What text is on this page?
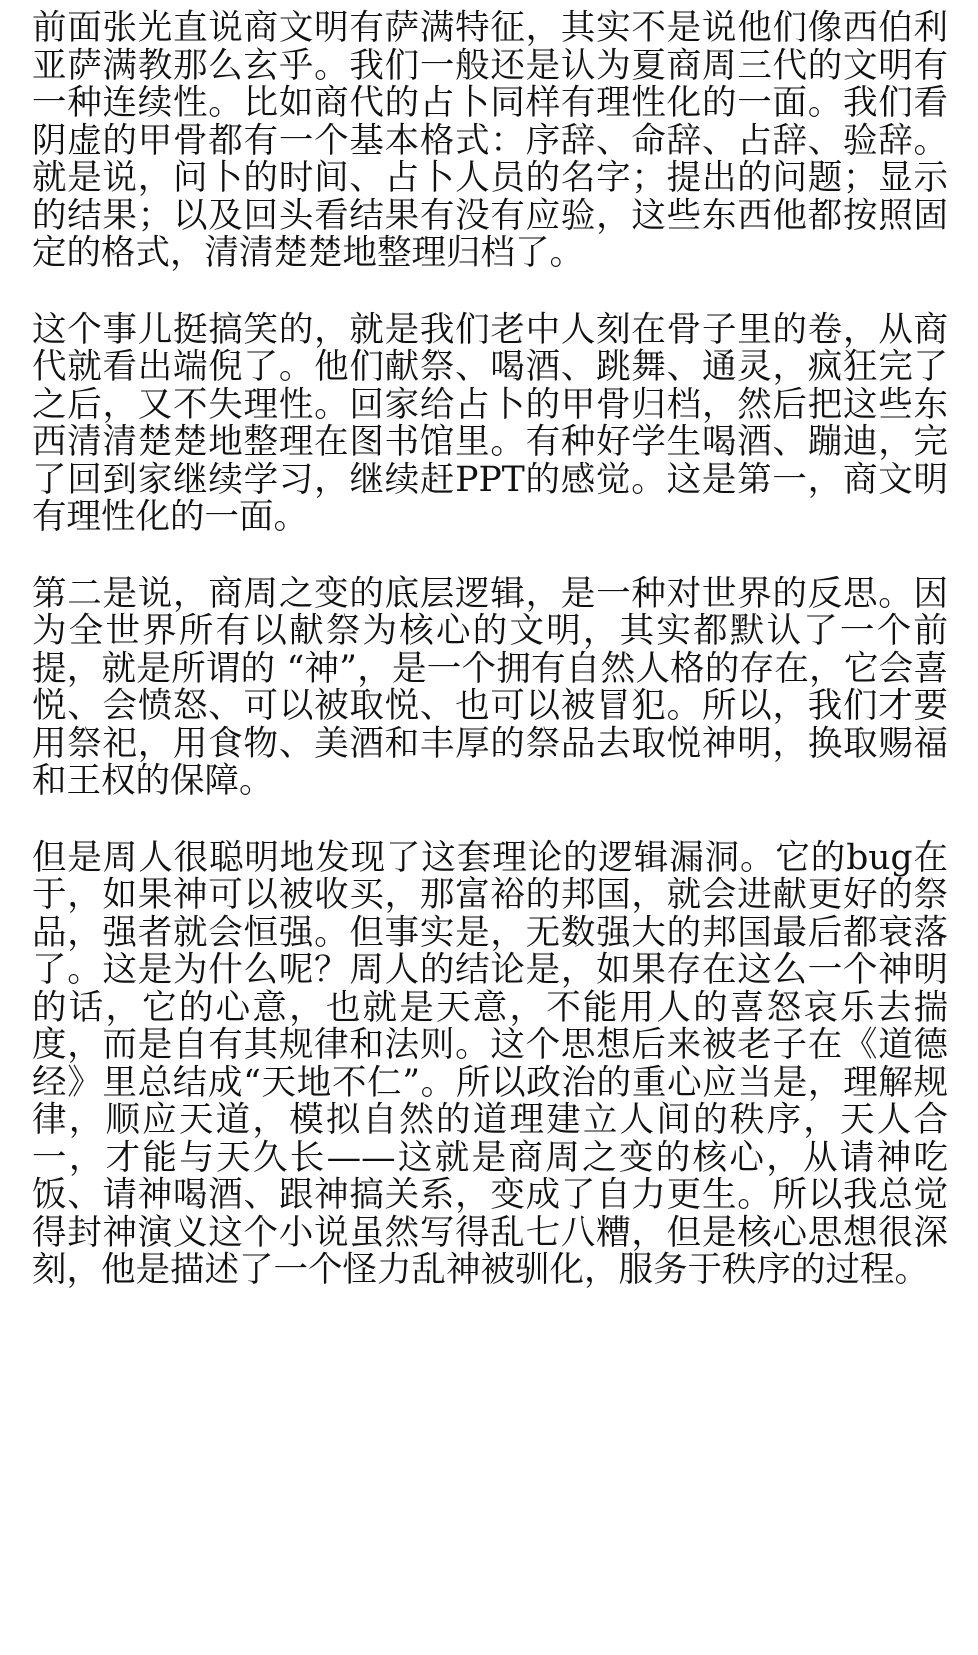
前面张光直说商文明有萨满特征，其实不是说他们像西伯利亚萨满教那么玄乎。我们一般还是认为夏商周三代的文明有一种连续性。比如商代的占卜同样有理性化的一面。我们看阴虚的甲骨都有一个基本格式：序辞、命辞、占辞、验辞。就是说，问卜的时间、占卜人员的名字；提出的问题；显示的结果；以及回头看结果有没有应验，这些东西他都按照固定的格式，清清楚楚地整理归档了。

这个事儿挺搞笑的，就是我们老中人刻在骨子里的卷，从商代就看出端倪了。他们献祭、喝酒、跳舞、通灵，疯狂完了之后，又不失理性。回家给占卜的甲骨归档，然后把这些东西清清楚楚地整理在图书馆里。有种好学生喝酒、蹦迪，完了回到家继续学习，继续赶PPT的感觉。这是第一，商文明有理性化的一面。

第二是说，商周之变的底层逻辑，是一种对世界的反思。因为全世界所有以献祭为核心的文明，其实都默认了一个前提，就是所谓的 “神”，是一个拥有自然人格的存在，它会喜悦、会愤怒、可以被取悦、也可以被冒犯。所以，我们才要用祭祀，用食物、美酒和丰厚的祭品去取悦神明，换取赐福和王权的保障。

但是周人很聪明地发现了这套理论的逻辑漏洞。它的bug在于，如果神可以被收买，那富裕的邦国，就会进献更好的祭品，强者就会恒强。但事实是，无数强大的邦国最后都衰落了。这是为什么呢？周人的结论是，如果存在这么一个神明的话，它的心意，也就是天意，不能用人的喜怒哀乐去揣度，而是自有其规律和法则。这个思想后来被老子在《道德经》里总结成“天地不仁”。所以政治的重心应当是，理解规律，顺应天道，模拟自然的道理建立人间的秩序，天人合一，才能与天久长——这就是商周之变的核心，从请神吃饭、请神喝酒、跟神搞关系，变成了自力更生。所以我总觉得封神演义这个小说虽然写得乱七八糟，但是核心思想很深刻，他是描述了一个怪力乱神被驯化，服务于秩序的过程。
